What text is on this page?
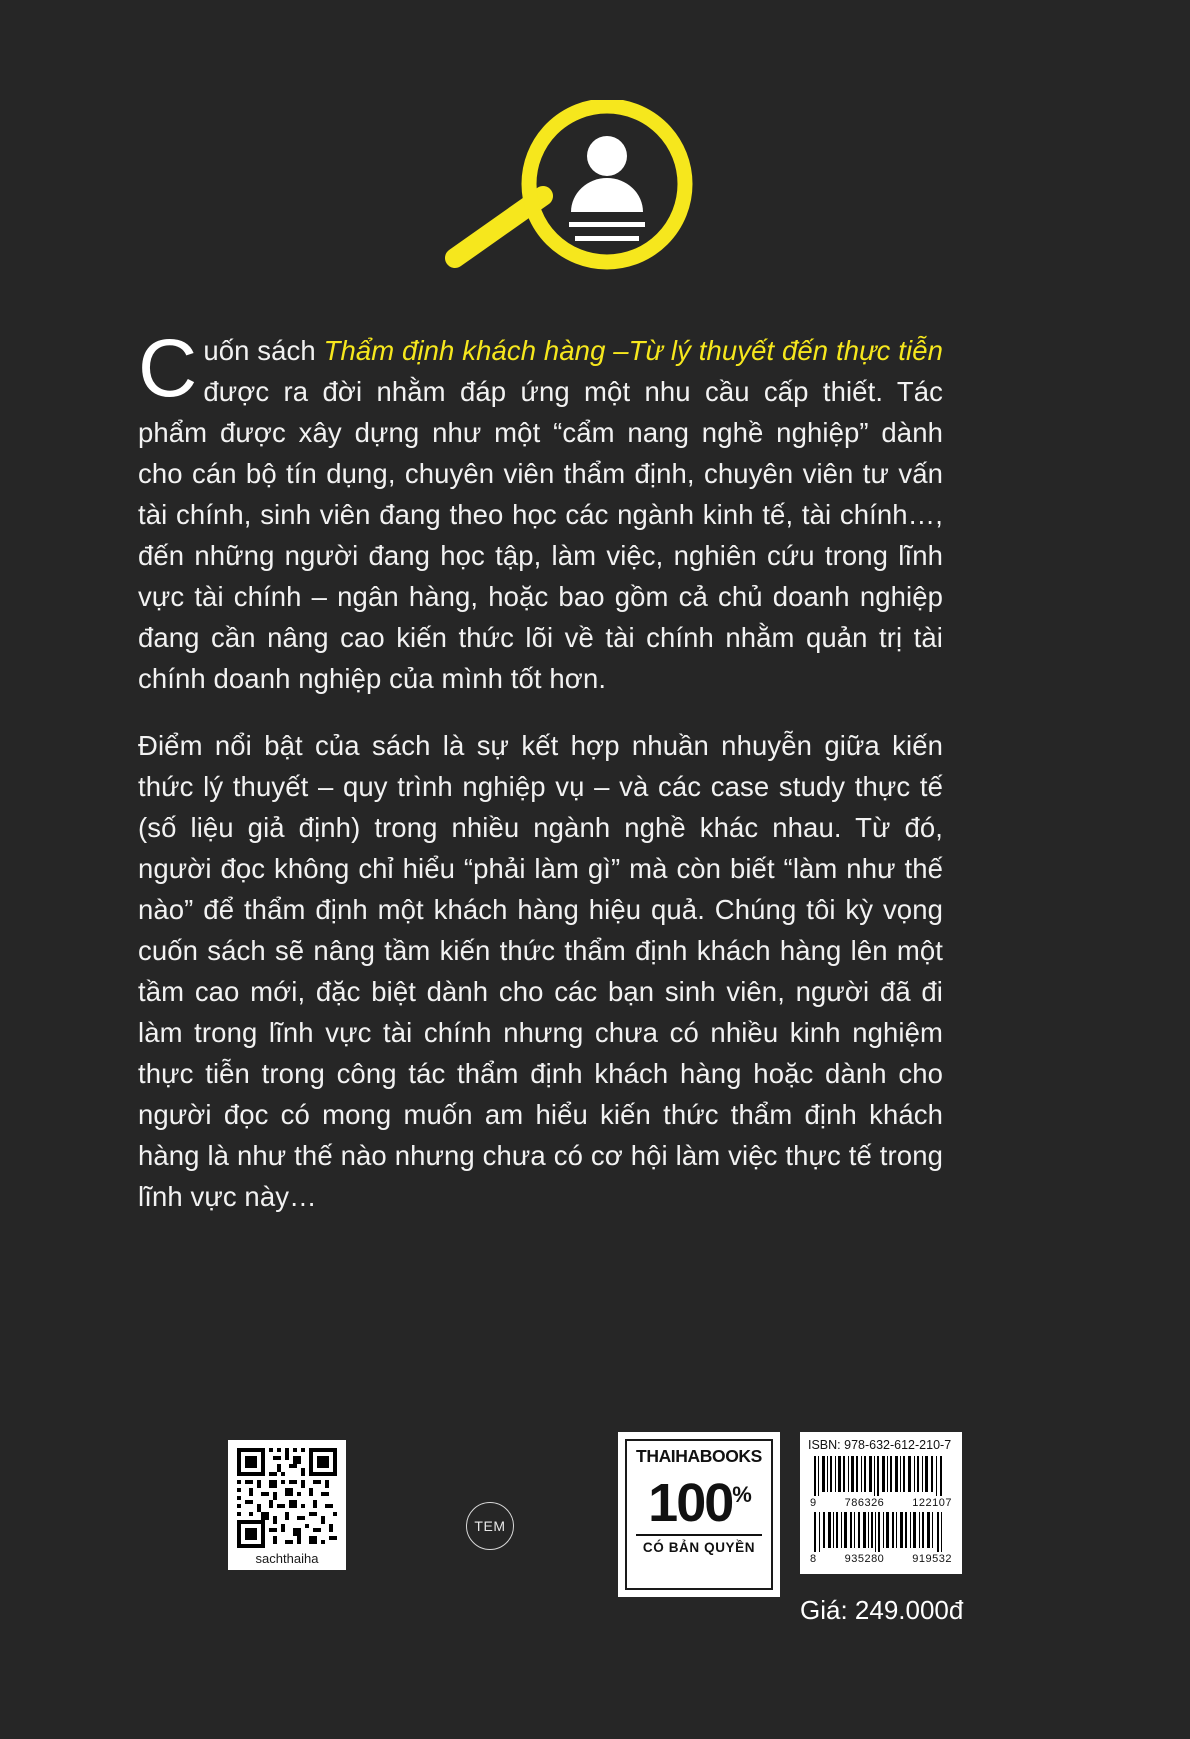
Cuốn sách Thẩm định khách hàng –Từ lý thuyết đến thực tiễn được ra đời nhằm đáp ứng một nhu cầu cấp thiết. Tác phẩm được xây dựng như một “cẩm nang nghề nghiệp” dành cho cán bộ tín dụng, chuyên viên thẩm định, chuyên viên tư vấn tài chính, sinh viên đang theo học các ngành kinh tế, tài chính…, đến những người đang học tập, làm việc, nghiên cứu trong lĩnh vực tài chính – ngân hàng, hoặc bao gồm cả chủ doanh nghiệp đang cần nâng cao kiến thức lõi về tài chính nhằm quản trị tài chính doanh nghiệp của mình tốt hơn.

Điểm nổi bật của sách là sự kết hợp nhuần nhuyễn giữa kiến thức lý thuyết – quy trình nghiệp vụ – và các case study thực tế (số liệu giả định) trong nhiều ngành nghề khác nhau. Từ đó, người đọc không chỉ hiểu “phải làm gì” mà còn biết “làm như thế nào” để thẩm định một khách hàng hiệu quả. Chúng tôi kỳ vọng cuốn sách sẽ nâng tầm kiến thức thẩm định khách hàng lên một tầm cao mới, đặc biệt dành cho các bạn sinh viên, người đã đi làm trong lĩnh vực tài chính nhưng chưa có nhiều kinh nghiệm thực tiễn trong công tác thẩm định khách hàng hoặc dành cho người đọc có mong muốn am hiểu kiến thức thẩm định khách hàng là như thế nào nhưng chưa có cơ hội làm việc thực tế trong lĩnh vực này…

sachthaiha
TEM
THAIHABOOKS
100%
CÓ BẢN QUYỀN
ISBN: 978-632-612-210-7
9	786326	122107
8	935280	919532
Giá: 249.000đ
